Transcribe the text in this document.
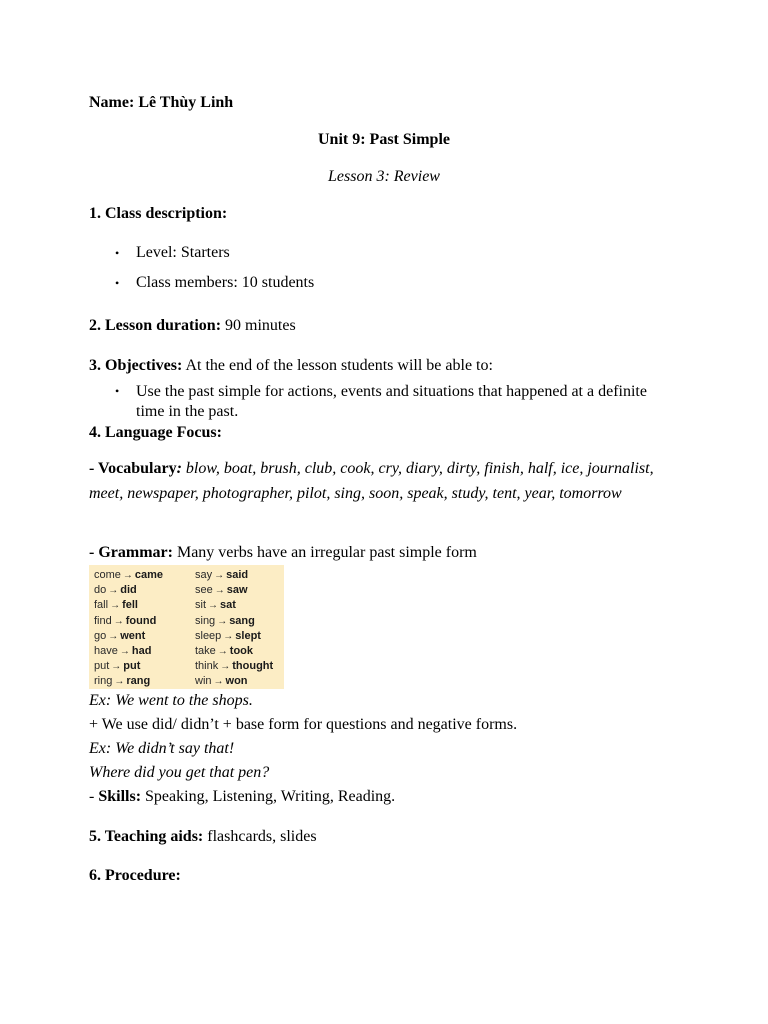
Name: Lê Thùy Linh
Unit 9: Past Simple
Lesson 3: Review
1. Class description:
• Level: Starters
• Class members: 10 students
2. Lesson duration: 90 minutes
3. Objectives: At the end of the lesson students will be able to:
• Use the past simple for actions, events and situations that happened at a definite time in the past.
4. Language Focus:
- Vocabulary: blow, boat, brush, club, cook, cry, diary, dirty, finish, half, ice, journalist, meet, newspaper, photographer, pilot, sing, soon, speak, study, tent, year, tomorrow
- Grammar: Many verbs have an irregular past simple form
come → came
do → did
fall → fell
find → found
go → went
have → had
put → put
ring → rang
say → said
see → saw
sit → sat
sing → sang
sleep → slept
take → took
think → thought
win → won
Ex: We went to the shops.
+ We use did/ didn’t + base form for questions and negative forms.
Ex: We didn’t say that!
Where did you get that pen?
- Skills: Speaking, Listening, Writing, Reading.
5. Teaching aids: flashcards, slides
6. Procedure:
